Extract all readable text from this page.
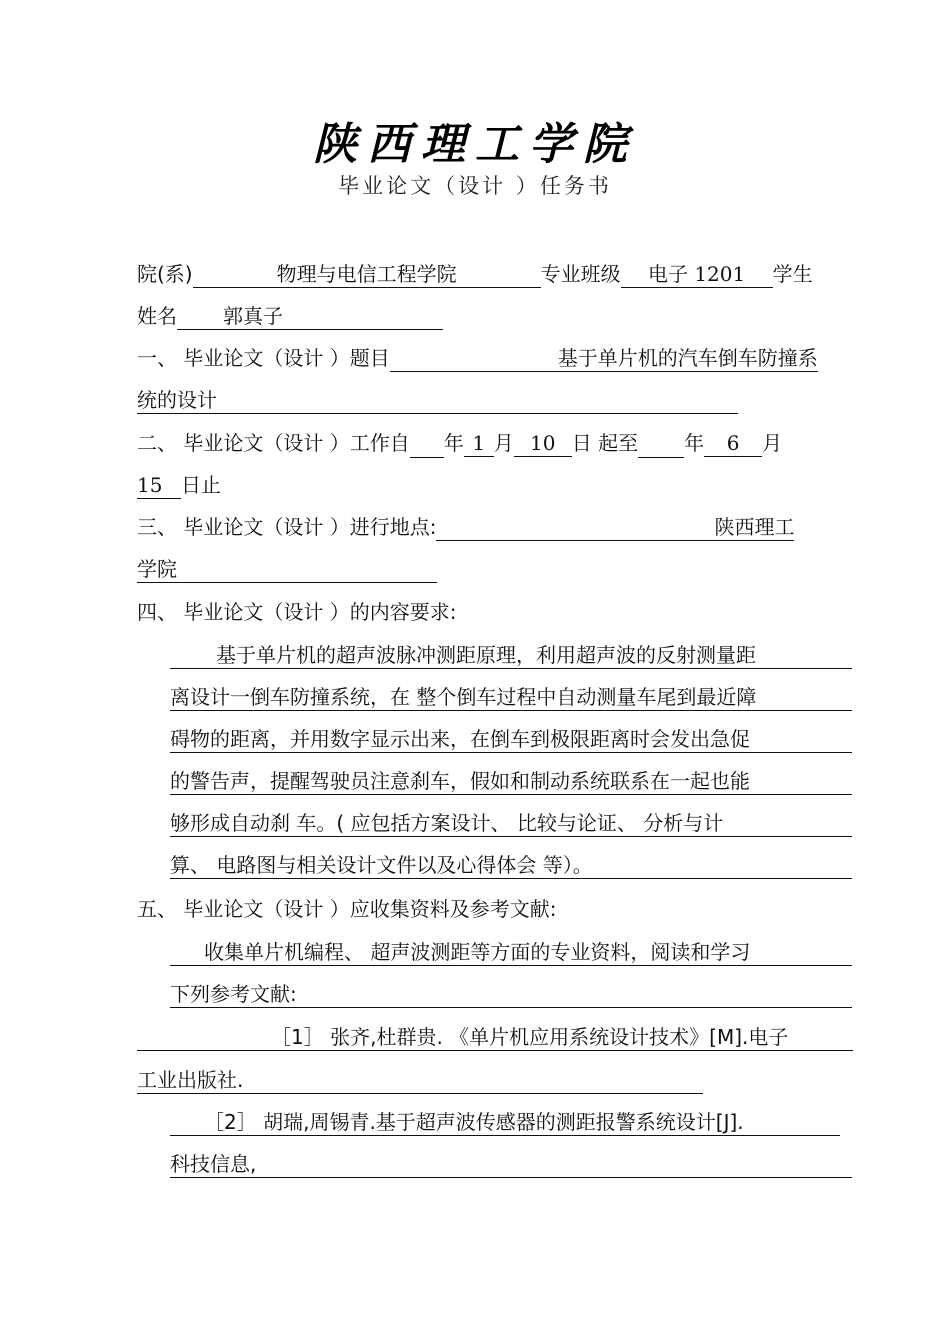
陕西理工学院
毕业论文（设计 ）任务书
院(系)	物理与电信工程学院	专业班级 电子 1201 学生
姓名 郭真子
一、 毕业论文（设计 ）题目	基于单片机的汽车倒车防撞系
统的设计
二、 毕业论文（设计 ）工作自 年 1 月 10 日 起至 年 6 月
15 日止
三、 毕业论文（设计 ）进行地点:	陕西理工
学院
四、 毕业论文（设计 ）的内容要求:
基于单片机的超声波脉冲测距原理，利用超声波的反射测量距
离设计一倒车防撞系统，在 整个倒车过程中自动测量车尾到最近障
碍物的距离，并用数字显示出来，在倒车到极限距离时会发出急促
的警告声，提醒驾驶员注意刹车，假如和制动系统联系在一起也能
够形成自动刹 车。( 应包括方案设计、 比较与论证、 分析与计
算、 电路图与相关设计文件以及心得体会 等）。
五、 毕业论文（设计 ）应收集资料及参考文献:
收集单片机编程、 超声波测距等方面的专业资料，阅读和学习
下列参考文献:
［1］ 张齐,杜群贵. 《单片机应用系统设计技术》[M].电子
工业出版社.
［2］ 胡瑞,周锡青.基于超声波传感器的测距报警系统设计[J].
科技信息,
